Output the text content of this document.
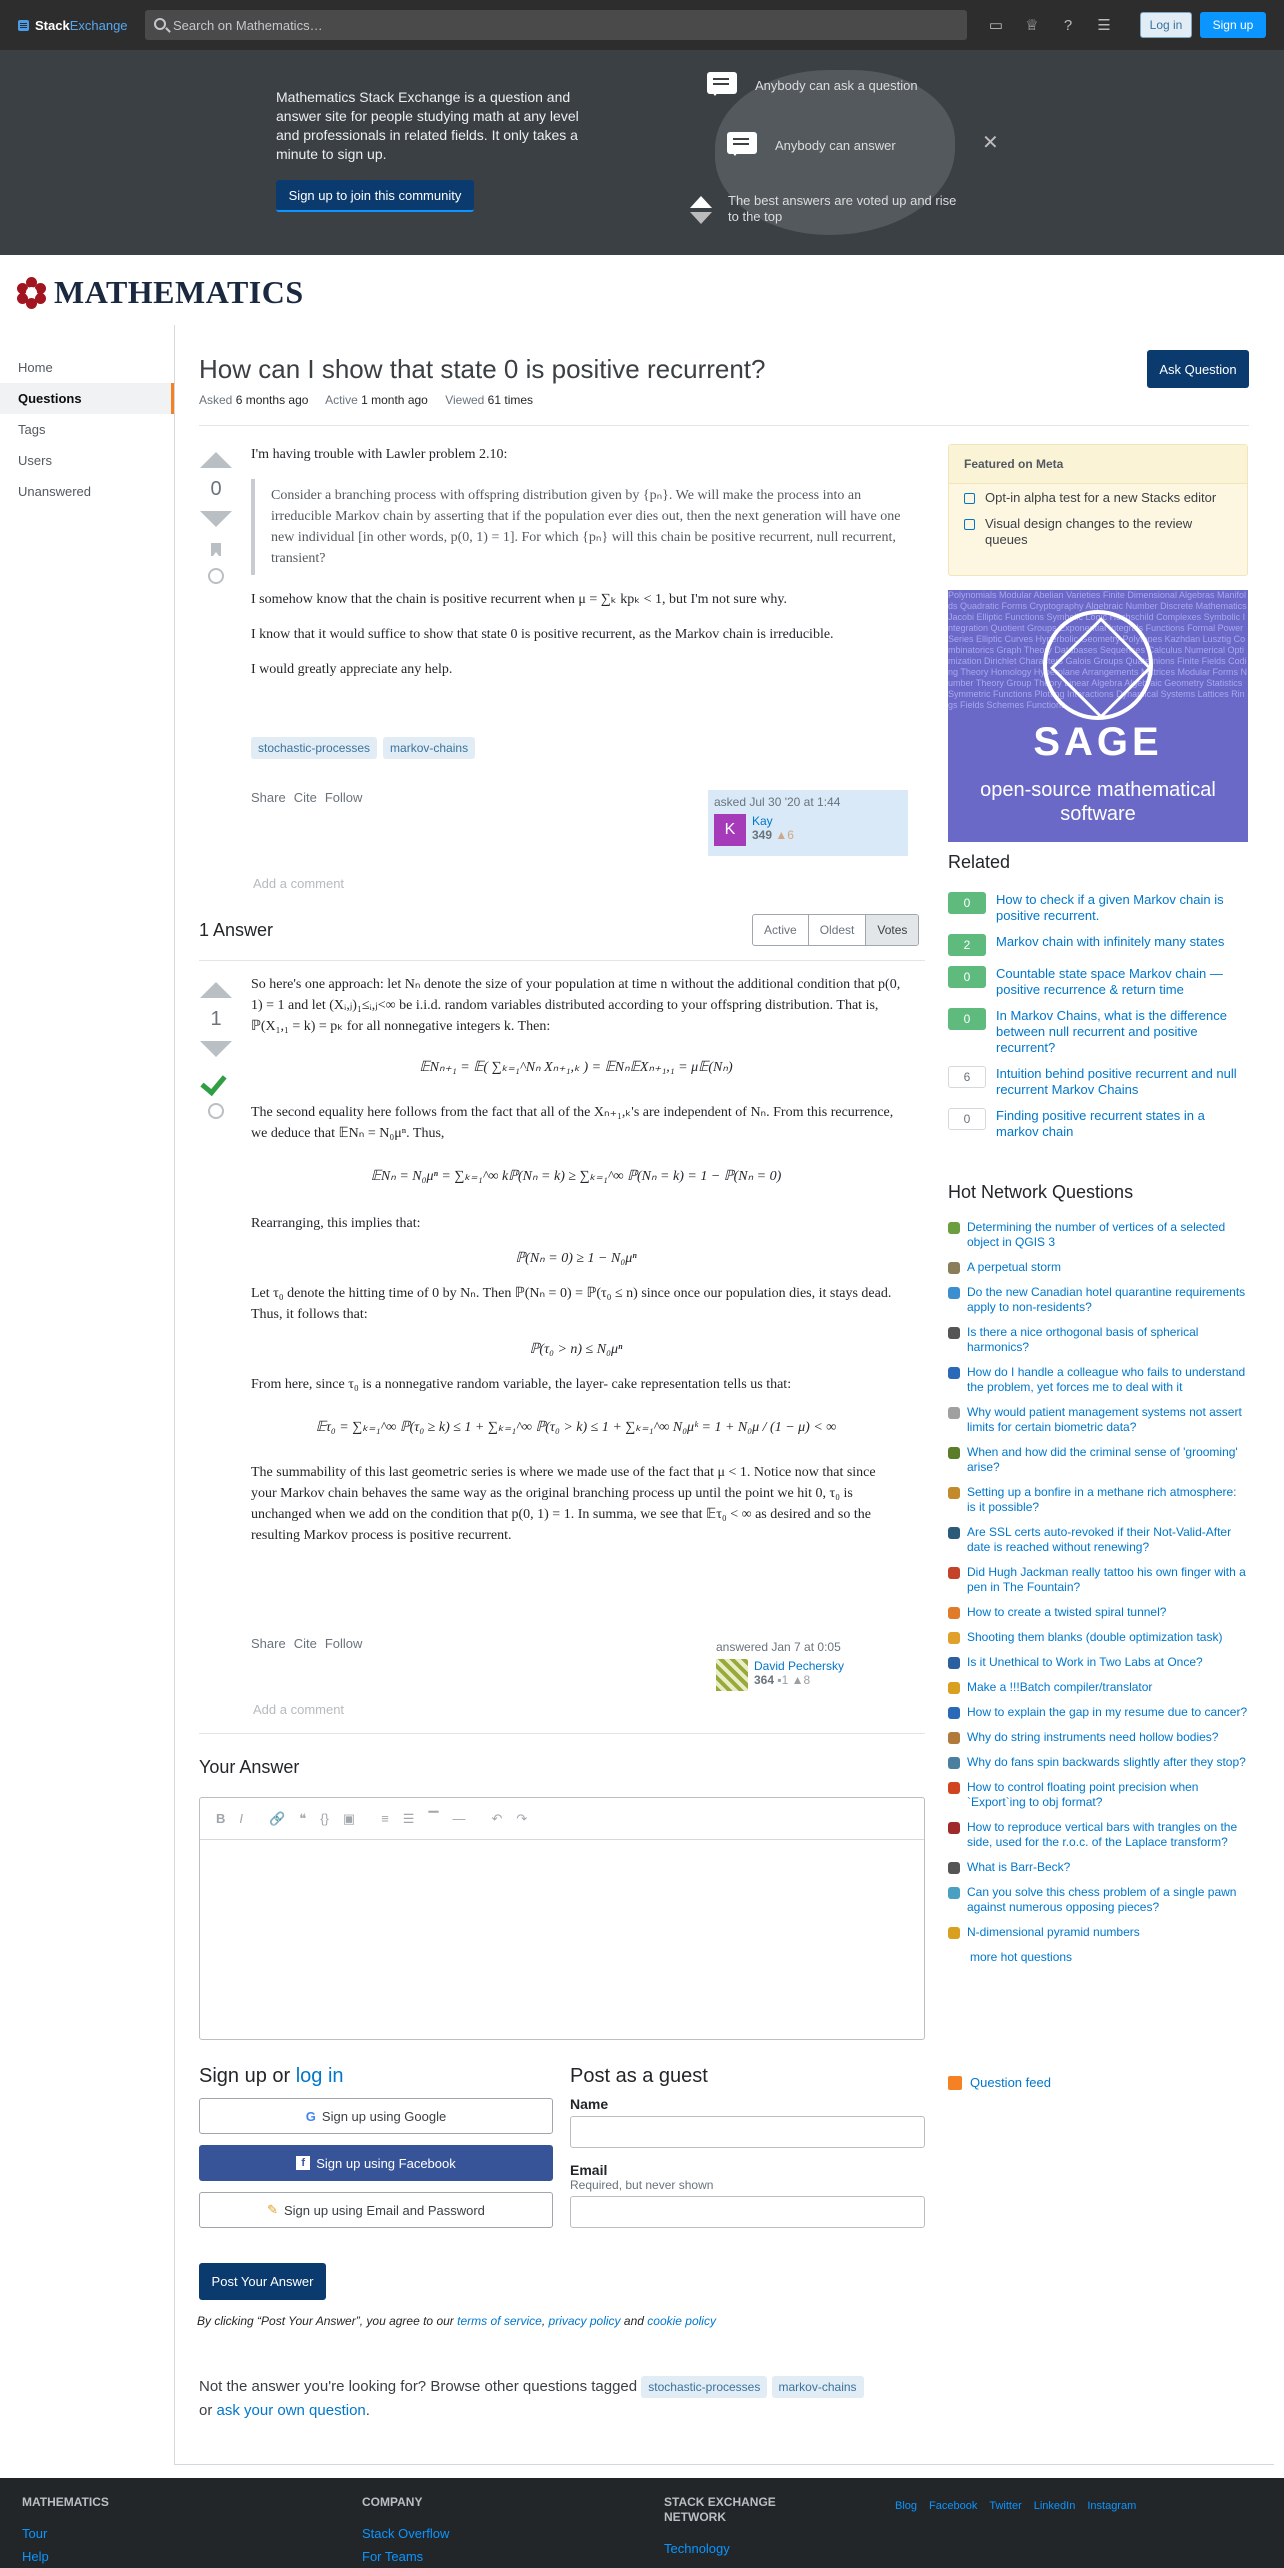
Stack Exchange	Search on Mathematics…	▭ ♕	?	☰	Log in	Sign up
Mathematics Stack Exchange is a question and answer site for people studying math at any level and professionals in related fields. It only takes a minute to sign up.
Sign up to join this community
Anybody can ask a question
Anybody can answer
The best answers are voted up and rise to the top
✕
MATHEMATICS
Home
Questions
Tags
Users
Unanswered
How can I show that state 0 is positive recurrent?
Asked 6 months ago Active 1 month ago Viewed 61 times
Ask Question
0

I'm having trouble with Lawler problem 2.10:

Consider a branching process with offspring distribution given by {pₙ}. We will make the process into an irreducible Markov chain by asserting that if the population ever dies out, then the next generation will have one new individual [in other words, p(0, 1) = 1]. For which {pₙ} will this chain be positive recurrent, null recurrent, transient?

I somehow know that the chain is positive recurrent when μ = ∑ₖ kpₖ < 1, but I'm not sure why.

I know that it would suffice to show that state 0 is positive recurrent, as the Markov chain is irreducible.

I would greatly appreciate any help.

stochastic-processes	markov-chains
Share Cite Follow	asked Jul 30 '20 at 1:44
K	Kay
349 ▲6
Add a comment
1 Answer	Active	Oldest	Votes
1

So here's one approach: let Nₙ denote the size of your population at time n without the additional condition that p(0, 1) = 1 and let (Xᵢ,ⱼ)₁≤ᵢ,ⱼ<∞ be i.i.d. random variables distributed according to your offspring distribution. That is, ℙ(X₁,₁ = k) = pₖ for all nonnegative integers k. Then:

𝔼Nₙ₊₁ = 𝔼( ∑ₖ₌₁^Nₙ Xₙ₊₁,ₖ ) = 𝔼Nₙ𝔼Xₙ₊₁,₁ = μ𝔼(Nₙ)

The second equality here follows from the fact that all of the Xₙ₊₁,ₖ's are independent of Nₙ. From this recurrence, we deduce that 𝔼Nₙ = N₀μⁿ. Thus,

𝔼Nₙ = N₀μⁿ = ∑ₖ₌₁^∞ kℙ(Nₙ = k) ≥ ∑ₖ₌₁^∞ ℙ(Nₙ = k) = 1 − ℙ(Nₙ = 0)

Rearranging, this implies that:

ℙ(Nₙ = 0) ≥ 1 − N₀μⁿ

Let τ₀ denote the hitting time of 0 by Nₙ. Then ℙ(Nₙ = 0) = ℙ(τ₀ ≤ n) since once our population dies, it stays dead. Thus, it follows that:

ℙ(τ₀ > n) ≤ N₀μⁿ

From here, since τ₀ is a nonnegative random variable, the layer- cake representation tells us that:

𝔼τ₀ = ∑ₖ₌₁^∞ ℙ(τ₀ ≥ k) ≤ 1 + ∑ₖ₌₁^∞ ℙ(τ₀ > k) ≤ 1 + ∑ₖ₌₁^∞ N₀μᵏ = 1 + N₀μ / (1 − μ) < ∞

The summability of this last geometric series is where we made use of the fact that μ < 1. Notice now that since your Markov chain behaves the same way as the original branching process up until the point we hit 0, τ₀ is unchanged when we add on the condition that p(0, 1) = 1. In summa, we see that 𝔼τ₀ < ∞ as desired and so the resulting Markov process is positive recurrent.

Share Cite Follow	answered Jan 7 at 0:05
David Pechersky
364 ▪1 ▲8
Add a comment
Your Answer
B I 🔗 ❝ {} ▣ ≡ ☰ ▔ — ↶ ↷
Sign up or log in
G Sign up using Google
f Sign up using Facebook
✎ Sign up using Email and Password
Post as a guest
Name
Email
Required, but never shown
Post Your Answer
By clicking “Post Your Answer”, you agree to our terms of service, privacy policy and cookie policy
Not the answer you're looking for? Browse other questions tagged stochastic-processes markov-chains
or ask your own question.
Featured on Meta
Opt-in alpha test for a new Stacks editor
Visual design changes to the review queues
Polynomials Modular Abelian Varieties Finite Dimensional Algebras Manifolds Quadratic Forms Cryptography Algebraic Number Discrete Mathematics Jacobi Elliptic Functions Symbolic Logic Hochschild Complexes Symbolic Integration Quotient Groups Exponential Integrals Functions Formal Power Series Elliptic Curves Hyperbolic Geometry Polytopes Kazhdan Lusztig Combinatorics Graph Theory Databases Sequences Calculus Numerical Optimization Dirichlet Characters Galois Groups Quaternions Finite Fields Coding Theory Homology Hyperplane Arrangements Matrices Modular Forms Number Theory Group Theory Linear Algebra Algebraic Geometry Statistics Symmetric Functions Plotting Interactions Dynamical Systems Lattices Rings Fields Schemes Functions
SAGE
open-source mathematical software
Related
0	How to check if a given Markov chain is positive recurrent.
2	Markov chain with infinitely many states
0	Countable state space Markov chain — positive recurrence & return time
0	In Markov Chains, what is the difference between null recurrent and positive recurrent?
6	Intuition behind positive recurrent and null recurrent Markov Chains
0	Finding positive recurrent states in a markov chain
Hot Network Questions
Determining the number of vertices of a selected object in QGIS 3
A perpetual storm
Do the new Canadian hotel quarantine requirements apply to non-residents?
Is there a nice orthogonal basis of spherical harmonics?
How do I handle a colleague who fails to understand the problem, yet forces me to deal with it
Why would patient management systems not assert limits for certain biometric data?
When and how did the criminal sense of 'grooming' arise?
Setting up a bonfire in a methane rich atmosphere: is it possible?
Are SSL certs auto-revoked if their Not-Valid-After date is reached without renewing?
Did Hugh Jackman really tattoo his own finger with a pen in The Fountain?
How to create a twisted spiral tunnel?
Shooting them blanks (double optimization task)
Is it Unethical to Work in Two Labs at Once?
Make a !!!Batch compiler/translator
How to explain the gap in my resume due to cancer?
Why do string instruments need hollow bodies?
Why do fans spin backwards slightly after they stop?
How to control floating point precision when `Export`ing to obj format?
How to reproduce vertical bars with trangles on the side, used for the r.o.c. of the Laplace transform?
What is Barr-Beck?
Can you solve this chess problem of a single pawn against numerous opposing pieces?
N-dimensional pyramid numbers
more hot questions
Question feed
MATHEMATICS
Tour
Help
COMPANY
Stack Overflow
For Teams
STACK EXCHANGE NETWORK
Technology
Blog Facebook Twitter LinkedIn Instagram
